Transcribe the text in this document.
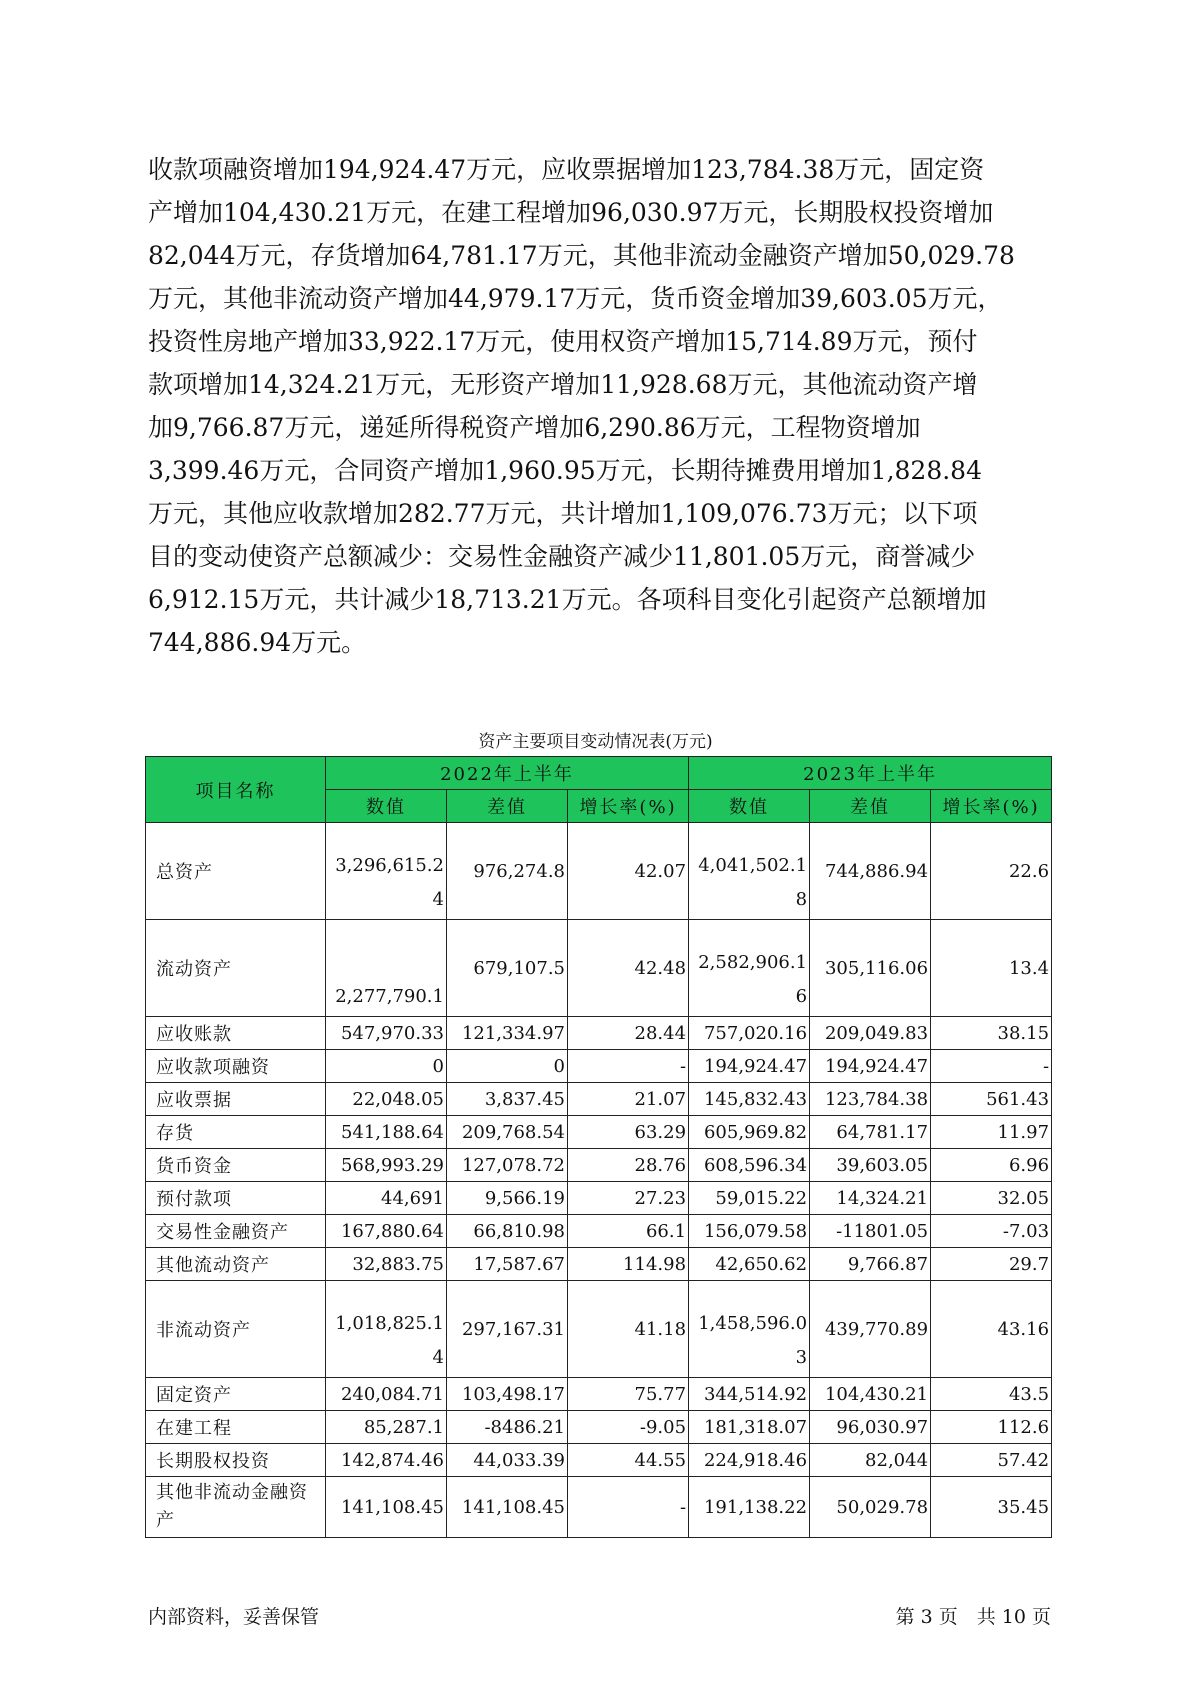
收款项融资增加194,924.47万元，应收票据增加123,784.38万元，固定资

产增加104,430.21万元，在建工程增加96,030.97万元，长期股权投资增加

82,044万元，存货增加64,781.17万元，其他非流动金融资产增加50,029.78

万元，其他非流动资产增加44,979.17万元，货币资金增加39,603.05万元，

投资性房地产增加33,922.17万元，使用权资产增加15,714.89万元，预付

款项增加14,324.21万元，无形资产增加11,928.68万元，其他流动资产增

加9,766.87万元，递延所得税资产增加6,290.86万元，工程物资增加

3,399.46万元，合同资产增加1,960.95万元，长期待摊费用增加1,828.84

万元，其他应收款增加282.77万元，共计增加1,109,076.73万元；以下项

目的变动使资产总额减少：交易性金融资产减少11,801.05万元，商誉减少

6,912.15万元，共计减少18,713.21万元。各项科目变化引起资产总额增加

744,886.94万元。

资产主要项目变动情况表(万元)
项目名称	2022年上半年			2023年上半年		
	数值	差值	增长率(%)	数值	差值	增长率(%)
总资产	3,296,615.24	976,274.8	42.07	4,041,502.18	744,886.94	22.6
流动资产	2,277,790.1	679,107.5	42.48	2,582,906.16	305,116.06	13.4
应收账款	547,970.33	121,334.97	28.44	757,020.16	209,049.83	38.15
应收款项融资	0	0	-	194,924.47	194,924.47	-
应收票据	22,048.05	3,837.45	21.07	145,832.43	123,784.38	561.43
存货	541,188.64	209,768.54	63.29	605,969.82	64,781.17	11.97
货币资金	568,993.29	127,078.72	28.76	608,596.34	39,603.05	6.96
预付款项	44,691	9,566.19	27.23	59,015.22	14,324.21	32.05
交易性金融资产	167,880.64	66,810.98	66.1	156,079.58	-11801.05	-7.03
其他流动资产	32,883.75	17,587.67	114.98	42,650.62	9,766.87	29.7
非流动资产	1,018,825.14	297,167.31	41.18	1,458,596.03	439,770.89	43.16
固定资产	240,084.71	103,498.17	75.77	344,514.92	104,430.21	43.5
在建工程	85,287.1	-8486.21	-9.05	181,318.07	96,030.97	112.6
长期股权投资	142,874.46	44,033.39	44.55	224,918.46	82,044	57.42
其他非流动金融资产	141,108.45	141,108.45	-	191,138.22	50,029.78	35.45
内部资料，妥善保管	第 3 页　共 10 页
